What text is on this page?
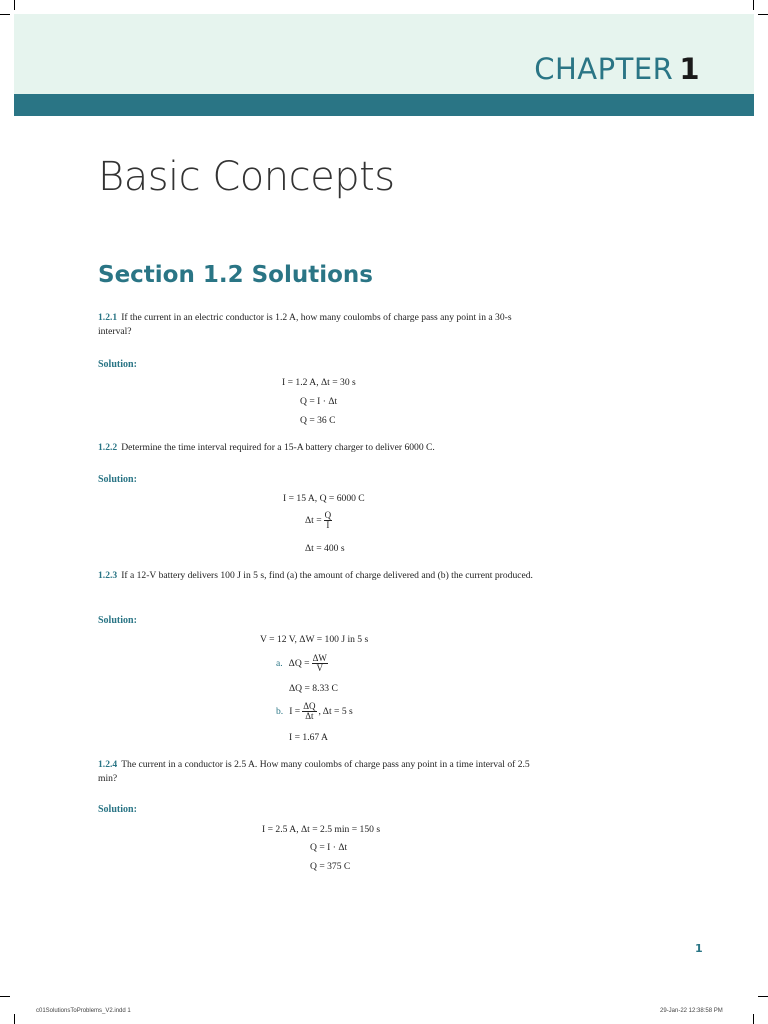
CHAPTER 1
Basic Concepts
Section 1.2 Solutions
1.2.1 If the current in an electric conductor is 1.2 A, how many coulombs of charge pass any point in a 30-s interval?
Solution:
I = 1.2 A, Δt = 30 s
Q = I · Δt
Q = 36 C
1.2.2 Determine the time interval required for a 15-A battery charger to deliver 6000 C.
Solution:
I = 15 A, Q = 6000 C
$\Delta t = \frac{Q}{I}$
Δt = 400 s
1.2.3 If a 12-V battery delivers 100 J in 5 s, find (a) the amount of charge delivered and (b) the current produced.
Solution:
V = 12 V, ΔW = 100 J in 5 s
a. $\Delta Q = \frac{\Delta W}{V}$
ΔQ = 8.33 C
b. $I = \frac{\Delta Q}{\Delta t}$ , Δt = 5 s
I = 1.67 A
1.2.4 The current in a conductor is 2.5 A. How many coulombs of charge pass any point in a time interval of 2.5 min?
Solution:
I = 2.5 A, Δt = 2.5 min = 150 s
Q = I · Δt
Q = 375 C
1
c01SolutionsToProblems_V2.indd 1	29-Jan-22 12:38:58 PM
